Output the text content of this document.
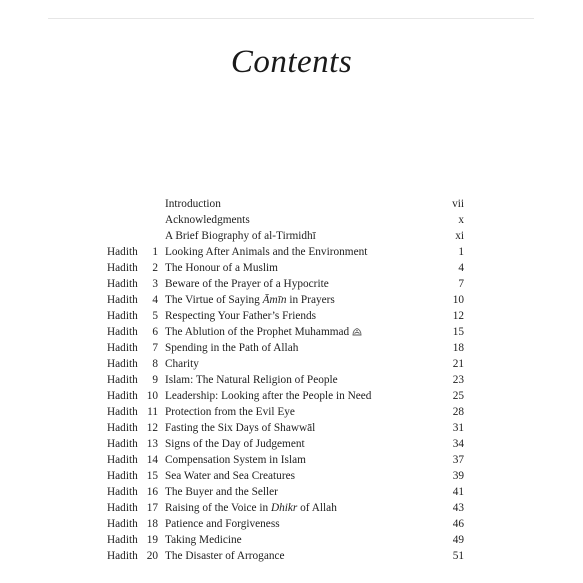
Contents
Introduction	vii
Acknowledgments	x
A Brief Biography of al-Tirmidhī	xi
Hadith	1 Looking After Animals and the Environment	1
Hadith	2 The Honour of a Muslim	4
Hadith	3 Beware of the Prayer of a Hypocrite	7
Hadith	4 The Virtue of Saying Āmīn in Prayers	10
Hadith	5 Respecting Your Father’s Friends	12
Hadith	6 The Ablution of the Prophet Muhammad	15
Hadith	7 Spending in the Path of Allah	18
Hadith	8 Charity	21
Hadith	9 Islam: The Natural Religion of People	23
Hadith 10 Leadership: Looking after the People in Need	25
Hadith 11 Protection from the Evil Eye	28
Hadith 12 Fasting the Six Days of Shawwāl	31
Hadith 13 Signs of the Day of Judgement	34
Hadith 14 Compensation System in Islam	37
Hadith 15 Sea Water and Sea Creatures	39
Hadith 16 The Buyer and the Seller	41
Hadith 17 Raising of the Voice in Dhikr of Allah	43
Hadith 18 Patience and Forgiveness	46
Hadith 19 Taking Medicine	49
Hadith 20 The Disaster of Arrogance	51
